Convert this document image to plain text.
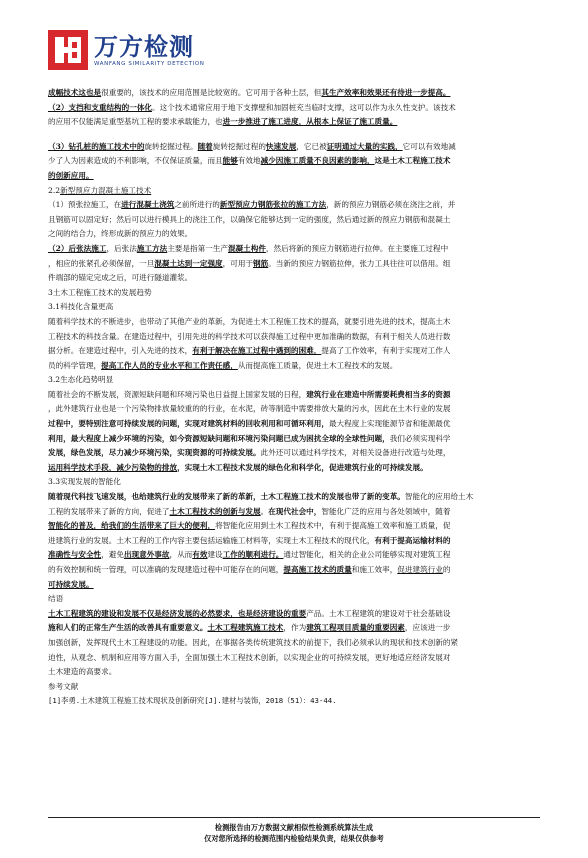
万方检测
WANFANG SIMILARITY DETECTION

成幅技术这也是很重要的，该技术的应用范围是比较宽的。它可用于各种土层，但其生产效率和效果还有待进一步提高。

（2）支挡和支重结构的一体化。这个技术通常应用于地下支撑壁和加固桩充当临时支撑，这可以作为永久性支护。该技术

的应用不仅能满足重型基坑工程的要求承载能力，也进一步推进了施工进度，从根本上保证了施工质量。

（3）钻孔桩的施工技术中的旋转挖掘过程。随着旋转挖掘过程的快速发展，它已被证明通过大量的实践，它可以有效地减

少了人为因素造成的不利影响，不仅保证质量，而且能够有效地减少因施工质量不良因素的影响，这是土木工程施工技术

的创新应用。

2.2新型预应力混凝土施工技术

（1）预张拉施工，在进行混凝土浇筑之前所进行的新型预应力钢筋张拉的施工方法，新的预应力钢筋必须在浇注之前，并

且钢筋可以固定好；然后可以进行模具上的浇注工作，以确保它能够达到一定的强度，然后通过新的预应力钢筋和混凝土

之间的结合力，终形成新的预应力的效果。

（2）后张法施工，后张法施工方法主要是指第一生产混凝土构件，然后将新的预应力钢筋进行拉伸。在主要施工过程中

，相应的张紧孔必须保留，一旦混凝土达到一定强度，可用于钢筋。当新的预应力钢筋拉伸，张力工具往往可以借用。组

件端部的锚定完成之后，可进行隧道灌浆。

3土木工程施工技术的发展趋势

3.1科技化含量更高

随着科学技术的不断进步，也带动了其他产业的革新，为促进土木工程施工技术的提高，就要引进先进的技术，提高土木

工程技术的科技含量。在建造过程中，引用先进的科学技术可以获得施工过程中更加准确的数据，有利于相关人员进行数

据分析。在建造过程中，引入先进的技术，有利于解决在施工过程中遇到的困难，提高了工作效率，有利于实现对工作人

员的科学管理，提高工作人员的专业水平和工作责任感，从而提高施工质量，促进土木工程技术的发展。

3.2生态化趋势明显

随着社会的不断发展，资源短缺问题和环境污染也日益提上国家发展的日程，建筑行业在建造中所需要耗费相当多的资源

，此外建筑行业也是一个污染物排放量较重的的行业，在水泥，砖等制造中需要排放大量的污水，因此在土木行业的发展

过程中，要特别注意可持续发展的问题，实现对建筑材料的回收利用和可循环利用，最大程度上实现能源节省和能源最优

利用，最大程度上减少环境的污染，如今资源短缺问题和环境污染问题已成为困扰全球的全球性问题，我们必须实现科学

发展，绿色发展，尽力减少环境污染，实现资源的可持续发展。此外还可以通过科学技术，对相关设备进行改造与处理，

运用科学技术手段，减少污染物的排放，实现土木工程技术发展的绿色化和科学化，促进建筑行业的可持续发展。

3.3实现发展的智能化

随着现代科技飞速发展，也给建筑行业的发展带来了新的革新，土木工程施工技术的发展也带了新的变革。智能化的应用给土木

工程的发展带来了新的方向，促进了土木工程技术的创新与发展。在现代社会中，智能化广泛的应用与各处领域中，随着

智能化的普及，给我们的生活带来了巨大的便利，将智能化应用到土木工程技术中，有利于提高施工效率和施工质量，促

进建筑行业的发展。土木工程的工作内容主要包括运输施工材料等，实现土木工程技术的现代化，有利于提高运输材料的

准确性与安全性，避免出现意外事故，从而有效建设工作的顺利进行。通过智能化，相关的企业公司能够实现对建筑工程

的有效控制和统一管理，可以准确的发现建造过程中可能存在的问题，提高施工技术的质量和施工效率，促进建筑行业的

可持续发展。

结语

土木工程建筑的建设和发展不仅是经济发展的必然要求，也是经济建设的重要产品。土木工程建筑的建设对于社会基础设

施和人们的正常生产生活的改善具有重要意义。土木工程建筑施工技术，作为建筑工程项目质量的重要因素，应该进一步

加强创新，发挥现代土木工程建设的功能。因此，在事据各类传统建筑技术的前提下，我们必须承认的现状和技术创新的紧

迫性，从观念、机制和应用等方面入手，全面加强土木工程技术创新，以实现企业的可持续发展，更好地适应经济发展对

土木建造的高要求。

参考文献

[1]李勇.土木建筑工程施工技术现状及创新研究[J].建材与装饰，2018（51）：43-44.

检测报告由万方数据文献相似性检测系统算法生成
仅对您所选择的检测范围内检验结果负责，结果仅供参考
